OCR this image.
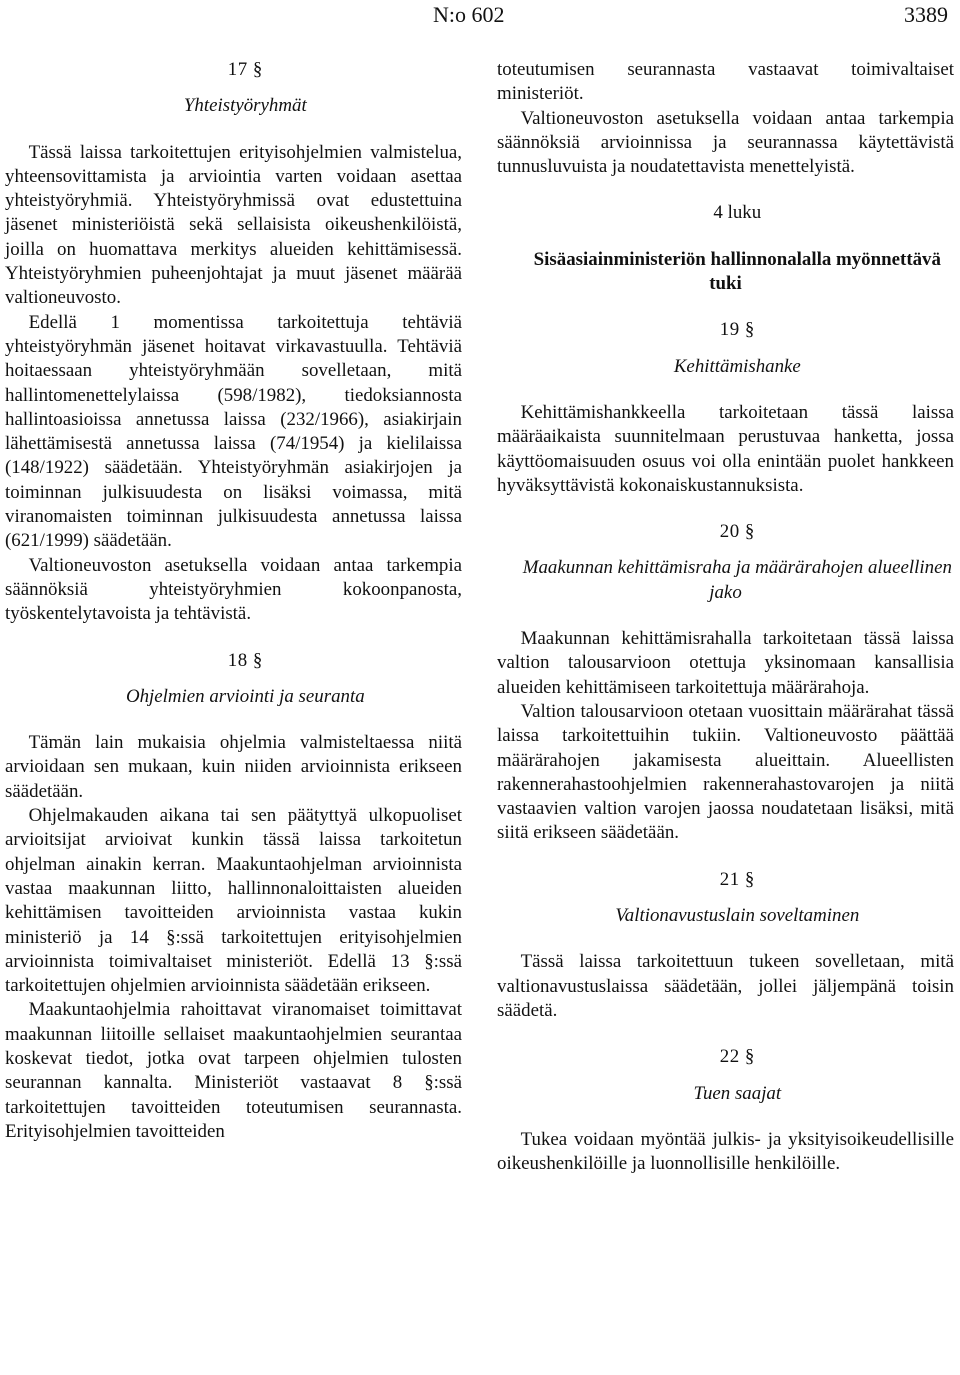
N:o 602	3389

17 §

Yhteistyöryhmät

Tässä laissa tarkoitettujen erityisohjelmien valmistelua, yhteensovittamista ja arviointia varten voidaan asettaa yhteistyöryhmiä. Yhteistyöryhmissä ovat edustettuina jäsenet ministeriöistä sekä sellaisista oikeushenkilöistä, joilla on huomattava merkitys alueiden kehittämisessä. Yhteistyöryhmien puheenjohtajat ja muut jäsenet määrää valtioneuvosto.

Edellä 1 momentissa tarkoitettuja tehtäviä yhteistyöryhmän jäsenet hoitavat virkavastuulla. Tehtäviä hoitaessaan yhteistyöryhmään sovelletaan, mitä hallintomenettelylaissa (598/1982), tiedoksiannosta hallintoasioissa annetussa laissa (232/1966), asiakirjain lähettämisestä annetussa laissa (74/1954) ja kielilaissa (148/1922) säädetään. Yhteistyöryhmän asiakirjojen ja toiminnan julkisuudesta on lisäksi voimassa, mitä viranomaisten toiminnan julkisuudesta annetussa laissa (621/1999) säädetään.

Valtioneuvoston asetuksella voidaan antaa tarkempia säännöksiä yhteistyöryhmien kokoonpanosta, työskentelytavoista ja tehtävistä.

18 §

Ohjelmien arviointi ja seuranta

Tämän lain mukaisia ohjelmia valmisteltaessa niitä arvioidaan sen mukaan, kuin niiden arvioinnista erikseen säädetään.

Ohjelmakauden aikana tai sen päätyttyä ulkopuoliset arvioitsijat arvioivat kunkin tässä laissa tarkoitetun ohjelman ainakin kerran. Maakuntaohjelman arvioinnista vastaa maakunnan liitto, hallinnonaloittaisten alueiden kehittämisen tavoitteiden arvioinnista vastaa kukin ministeriö ja 14 §:ssä tarkoitettujen erityisohjelmien arvioinnista toimivaltaiset ministeriöt. Edellä 13 §:ssä tarkoitettujen ohjelmien arvioinnista säädetään erikseen.

Maakuntaohjelmia rahoittavat viranomaiset toimittavat maakunnan liitoille sellaiset maakuntaohjelmien seurantaa koskevat tiedot, jotka ovat tarpeen ohjelmien tulosten seurannan kannalta. Ministeriöt vastaavat 8 §:ssä tarkoitettujen tavoitteiden toteutumisen seurannasta. Erityisohjelmien tavoitteiden

toteutumisen seurannasta vastaavat toimivaltaiset ministeriöt.

Valtioneuvoston asetuksella voidaan antaa tarkempia säännöksiä arvioinnissa ja seurannassa käytettävistä tunnusluvuista ja noudatettavista menettelyistä.

4 luku

Sisäasiainministeriön hallinnonalalla myönnettävä tuki

19 §

Kehittämishanke

Kehittämishankkeella tarkoitetaan tässä laissa määräaikaista suunnitelmaan perustuvaa hanketta, jossa käyttöomaisuuden osuus voi olla enintään puolet hankkeen hyväksyttävistä kokonaiskustannuksista.

20 §

Maakunnan kehittämisraha ja määrärahojen alueellinen jako

Maakunnan kehittämisrahalla tarkoitetaan tässä laissa valtion talousarvioon otettuja yksinomaan kansallisia alueiden kehittämiseen tarkoitettuja määrärahoja.

Valtion talousarvioon otetaan vuosittain määrärahat tässä laissa tarkoitettuihin tukiin. Valtioneuvosto päättää määrärahojen jakamisesta alueittain. Alueellisten rakennerahastoohjelmien rakennerahastovarojen ja niitä vastaavien valtion varojen jaossa noudatetaan lisäksi, mitä siitä erikseen säädetään.

21 §

Valtionavustuslain soveltaminen

Tässä laissa tarkoitettuun tukeen sovelletaan, mitä valtionavustuslaissa säädetään, jollei jäljempänä toisin säädetä.

22 §

Tuen saajat

Tukea voidaan myöntää julkis- ja yksityisoikeudellisille oikeushenkilöille ja luonnollisille henkilöille.
